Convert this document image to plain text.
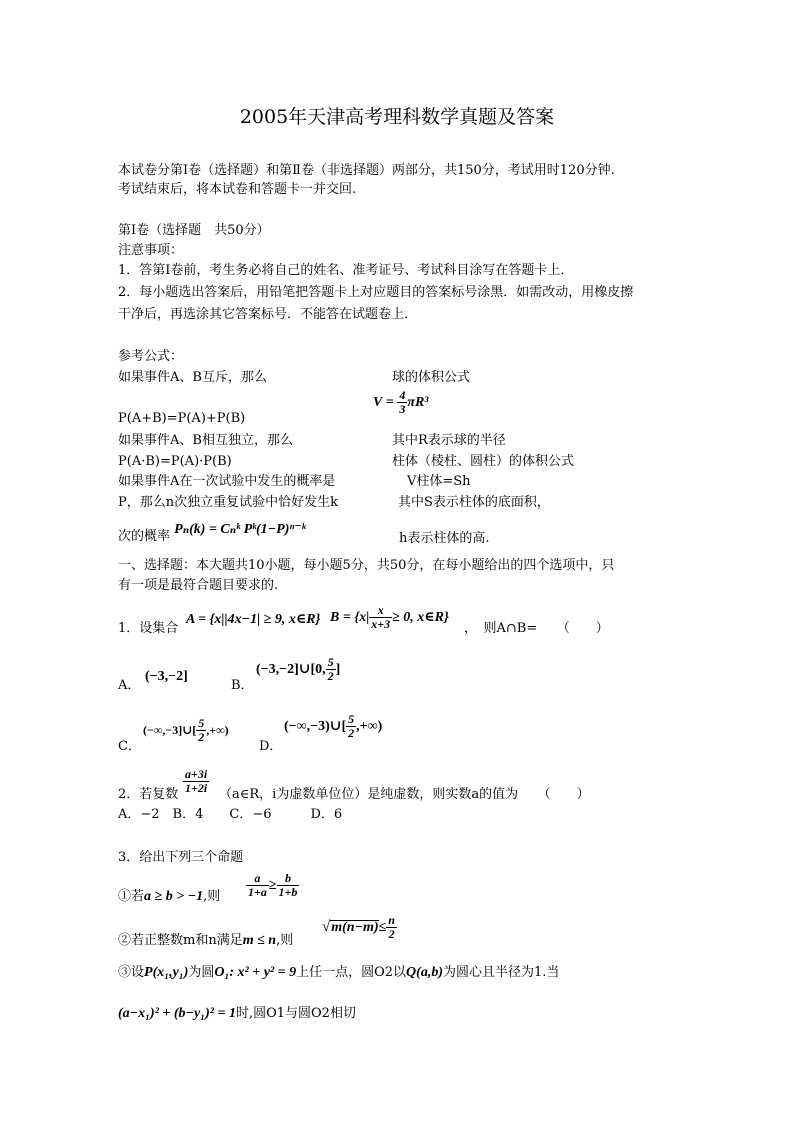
2005年天津高考理科数学真题及答案
本试卷分第Ⅰ卷（选择题）和第Ⅱ卷（非选择题）两部分，共150分，考试用时120分钟.
考试结束后，将本试卷和答题卡一并交回.
第Ⅰ卷（选择题　共50分）
注意事项：
1．答第Ⅰ卷前，考生务必将自己的姓名、准考证号、考试科目涂写在答题卡上．
2．每小题选出答案后，用铅笔把答题卡上对应题目的答案标号涂黑．如需改动，用橡皮擦
干净后，再选涂其它答案标号．不能答在试题卷上．
参考公式：
如果事件A、B互斥，那么	球的体积公式
P(A+B)=P(A)+P(B)
$V = \frac{4}{3} \pi R^3$
如果事件A、B相互独立，那么	其中R表示球的半径
P(A·B)=P(A)·P(B)	柱体（棱柱、圆柱）的体积公式
如果事件A在一次试验中发生的概率是	V柱体=Sh
P，那么n次独立重复试验中恰好发生k	其中S表示柱体的底面积，
次的概率 Pₙ(k) = Cₙᵏ Pᵏ(1−P)ⁿ⁻ᵏ
h表示柱体的高.
一、选择题：本大题共10小题，每小题5分，共50分，在每小题给出的四个选项中，只
有一项是最符合题目要求的.
1．设集合
A = {x||4x−1| ≥ 9, x∈R} $B = \{x| \frac{x}{x+3} \ge 0$, x∈R}
，　则A∩B=　　（　　）
A．
(−3,−2]
B．
(−3,−2]∪[0, $\frac{5}{2}$ ]
C．
(−∞,−3]∪[ $\frac{5}{2}$ ,+∞)
D．
(−∞,−3)∪[ $\frac{5}{2}$ ,+∞)
2．若复数 $\frac{a+3i}{1+2i}$ （a∈R，i为虚数单位位）是纯虚数，则实数a的值为　　（　　）
A．−2　B．4　　C．−6　　　D．6
3．给出下列三个命题
①若a ≥ b > −1,则 $\frac{a}{1+a} \ge \frac{b}{1+b}$
②若正整数m和n满足m ≤ n,则
$√m(n-m)\le \frac{n}{2}$
③设P(x₁,y₁)为圆O₁: x² + y² = 9上任一点，圆O2以Q(a,b)为圆心且半径为1.当
(a−x₁)² + (b−y₁)² = 1时,圆O1与圆O2相切
